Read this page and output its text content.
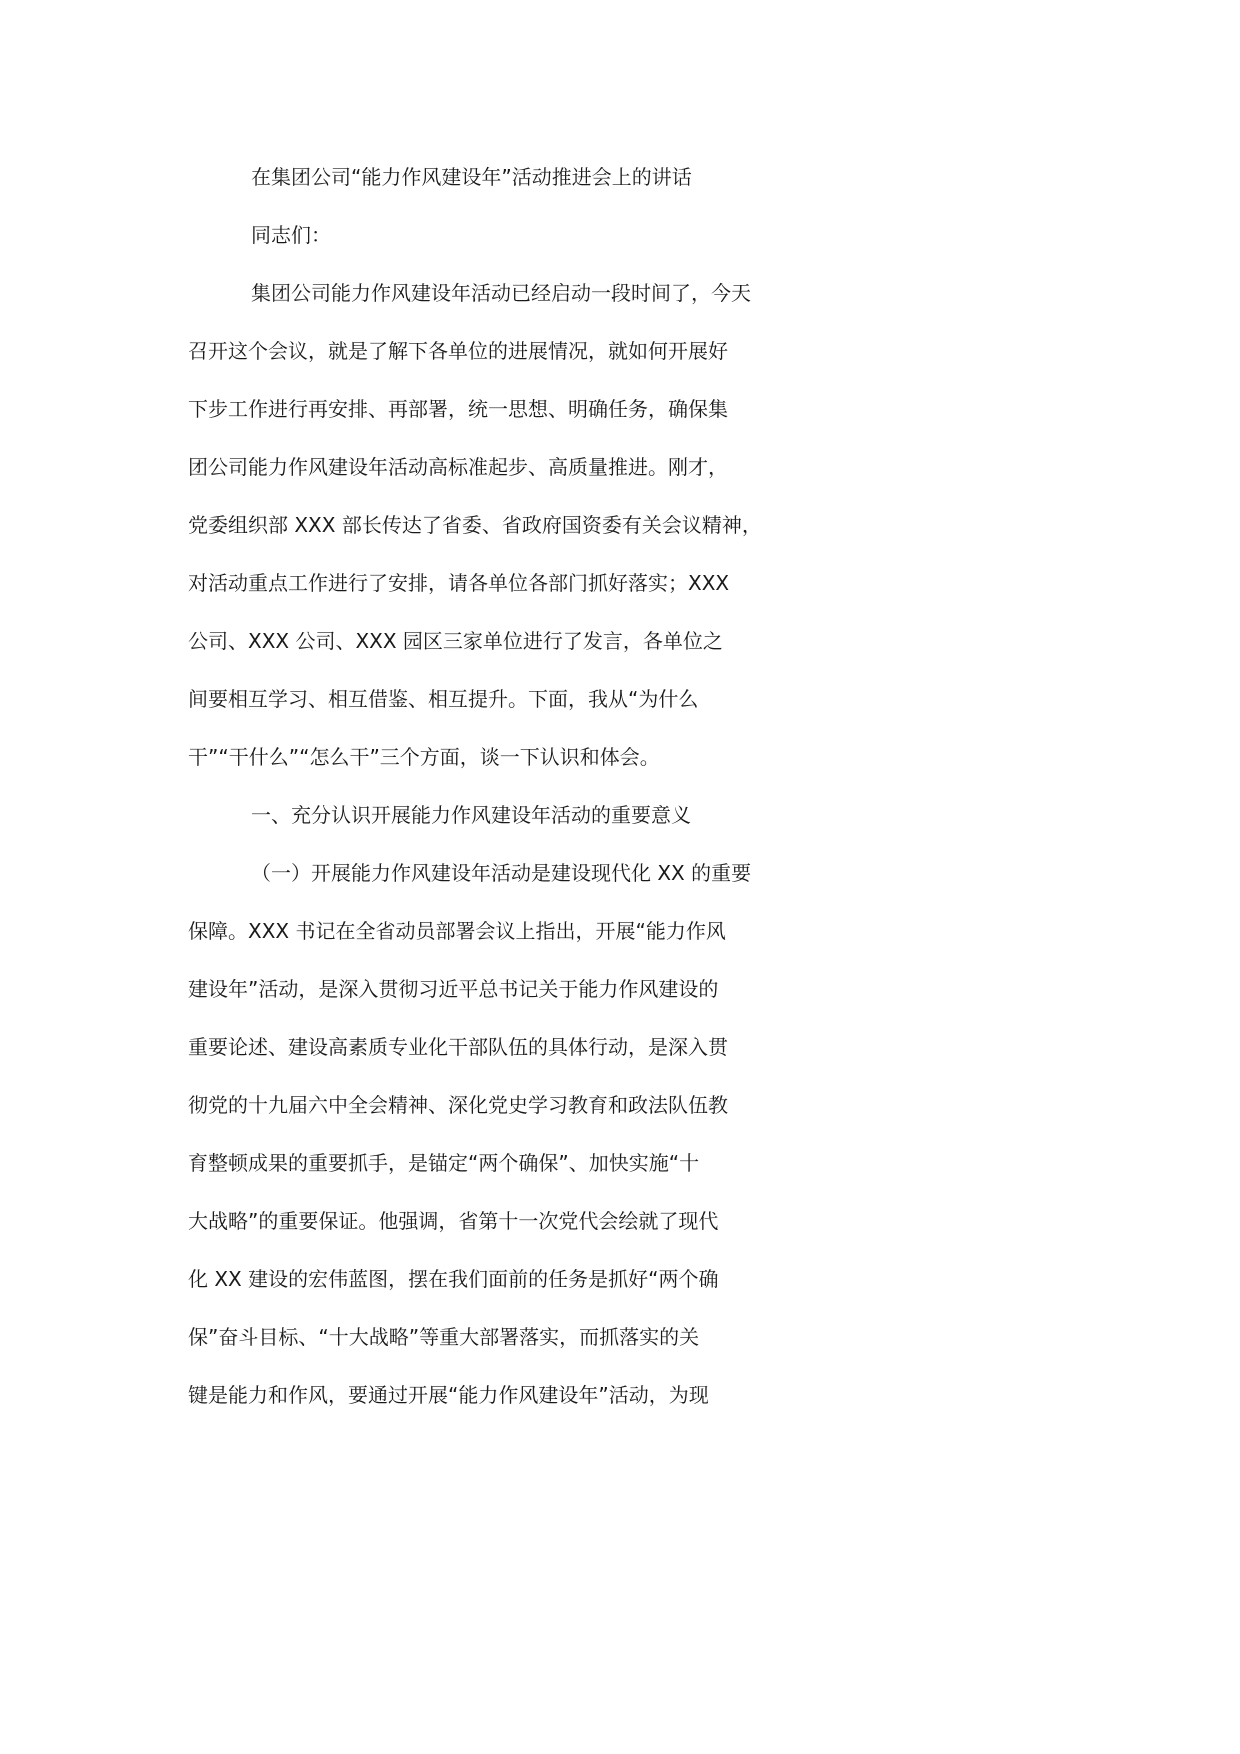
在集团公司“能力作风建设年”活动推进会上的讲话
同志们：
集团公司能力作风建设年活动已经启动一段时间了，今天
召开这个会议，就是了解下各单位的进展情况，就如何开展好
下步工作进行再安排、再部署，统一思想、明确任务，确保集
团公司能力作风建设年活动高标准起步、高质量推进。刚才，
党委组织部 XXX 部长传达了省委、省政府国资委有关会议精神，
对活动重点工作进行了安排，请各单位各部门抓好落实；XXX
公司、XXX 公司、XXX 园区三家单位进行了发言，各单位之
间要相互学习、相互借鉴、相互提升。下面，我从“为什么
干”“干什么”“怎么干”三个方面，谈一下认识和体会。
一、充分认识开展能力作风建设年活动的重要意义
（一）开展能力作风建设年活动是建设现代化 XX 的重要
保障。XXX 书记在全省动员部署会议上指出，开展“能力作风
建设年”活动，是深入贯彻习近平总书记关于能力作风建设的
重要论述、建设高素质专业化干部队伍的具体行动，是深入贯
彻党的十九届六中全会精神、深化党史学习教育和政法队伍教
育整顿成果的重要抓手，是锚定“两个确保”、加快实施“十
大战略”的重要保证。他强调，省第十一次党代会绘就了现代
化 XX 建设的宏伟蓝图，摆在我们面前的任务是抓好“两个确
保”奋斗目标、“十大战略”等重大部署落实，而抓落实的关
键是能力和作风，要通过开展“能力作风建设年”活动，为现
